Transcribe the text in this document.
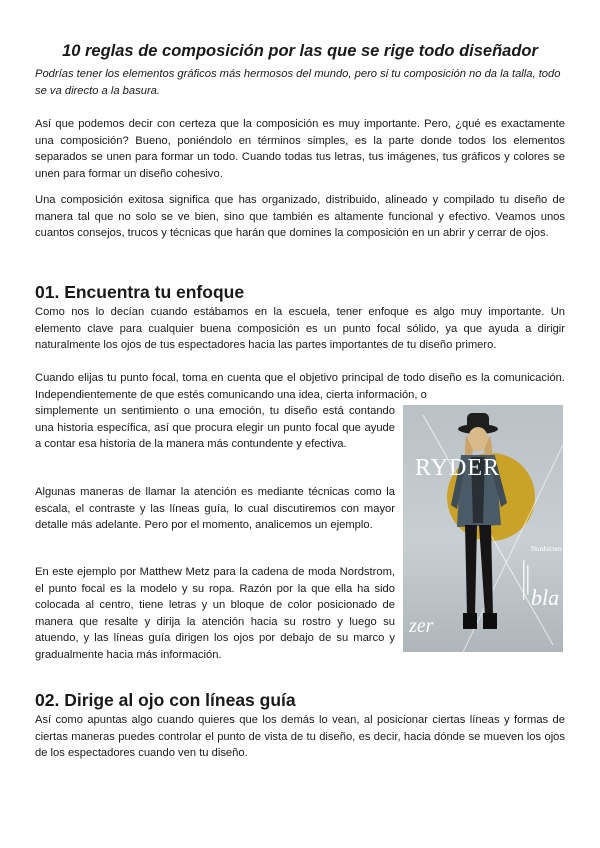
10 reglas de composición por las que se rige todo diseñador

Podrías tener los elementos gráficos más hermosos del mundo, pero si tu composición no da la talla, todo se va directo a la basura.

Así que podemos decir con certeza que la composición es muy importante. Pero, ¿qué es exactamente una composición? Bueno, poniéndolo en términos simples, es la parte donde todos los elementos separados se unen para formar un todo. Cuando todas tus letras, tus imágenes, tus gráficos y colores se unen para formar un diseño cohesivo.

Una composición exitosa significa que has organizado, distribuido, alineado y compilado tu diseño de manera tal que no solo se ve bien, sino que también es altamente funcional y efectivo. Veamos unos cuantos consejos, trucos y técnicas que harán que domines la composición en un abrir y cerrar de ojos.

01. Encuentra tu enfoque

Como nos lo decían cuando estábamos en la escuela, tener enfoque es algo muy importante. Un elemento clave para cualquier buena composición es un punto focal sólido, ya que ayuda a dirigir naturalmente los ojos de tus espectadores hacia las partes importantes de tu diseño primero.

Cuando elijas tu punto focal, toma en cuenta que el objetivo principal de todo diseño es la comunicación. Independientemente de que estés comunicando una idea, cierta información, o

simplemente un sentimiento o una emoción, tu diseño está contando una historia específica, así que procura elegir un punto focal que ayude a contar esa historia de la manera más contundente y efectiva.

Algunas maneras de llamar la atención es mediante técnicas como la escala, el contraste y las líneas guía, lo cual discutiremos con mayor detalle más adelante. Pero por el momento, analicemos un ejemplo.

En este ejemplo por Matthew Metz para la cadena de moda Nordstrom, el punto focal es la modelo y su ropa. Razón por la que ella ha sido colocada al centro, tiene letras y un bloque de color posicionado de manera que resalte y dirija la atención hacia su rostro y luego su atuendo, y las líneas guía dirigen los ojos por debajo de su marco y gradualmente hacia más información.

RYDER
Nordstrom
bla
zer
02. Dirige al ojo con líneas guía

Así como apuntas algo cuando quieres que los demás lo vean, al posicionar ciertas líneas y formas de ciertas maneras puedes controlar el punto de vista de tu diseño, es decir, hacia dónde se mueven los ojos de los espectadores cuando ven tu diseño.
